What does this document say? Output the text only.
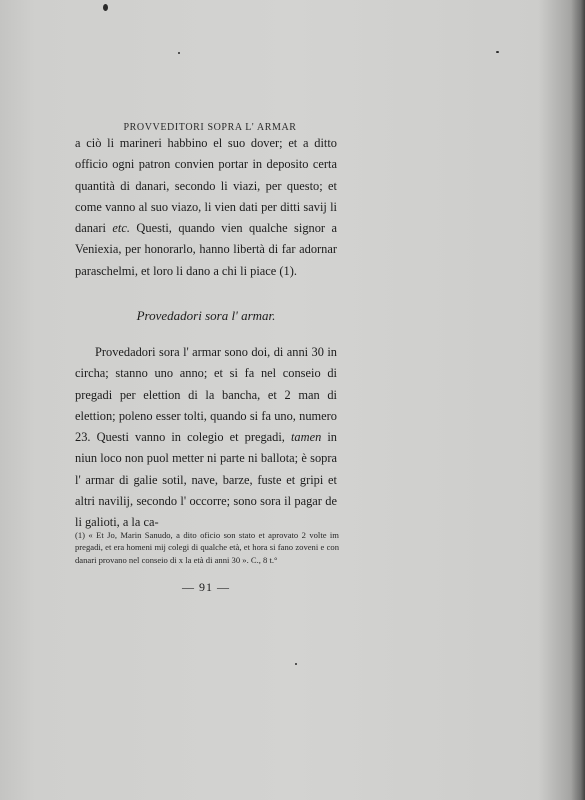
PROVVEDITORI SOPRA L' ARMAR

a ciò li marineri habbino el suo dover; et a ditto officio ogni patron convien portar in deposito certa quantità di danari, secondo li viazi, per questo; et come vanno al suo viazo, li vien dati per ditti savij li danari etc. Questi, quando vien qualche signor a Veniexia, per honorarlo, hanno libertà di far adornar paraschelmi, et loro li dano a chi li piace (1).

Provedadori sora l' armar.

Provedadori sora l' armar sono doi, di anni 30 in circha; stanno uno anno; et si fa nel conseio di pregadi per elettion di la bancha, et 2 man di elettion; poleno esser tolti, quando si fa uno, numero 23. Questi vanno in colegio et pregadi, tamen in niun loco non puol metter ni parte ni ballota; è sopra l' armar di galie sotil, nave, barze, fuste et gripi et altri navilij, secondo l' occorre; sono sora il pagar de li galioti, a la ca-

(1) « Et Jo, Marin Sanudo, a dito oficio son stato et aprovato 2 volte im pregadi, et era homeni mij colegi di qualche età, et hora si fano zoveni e con danari provano nel conseio di x la età di anni 30 ». C., 8 t.°

— 91 —
